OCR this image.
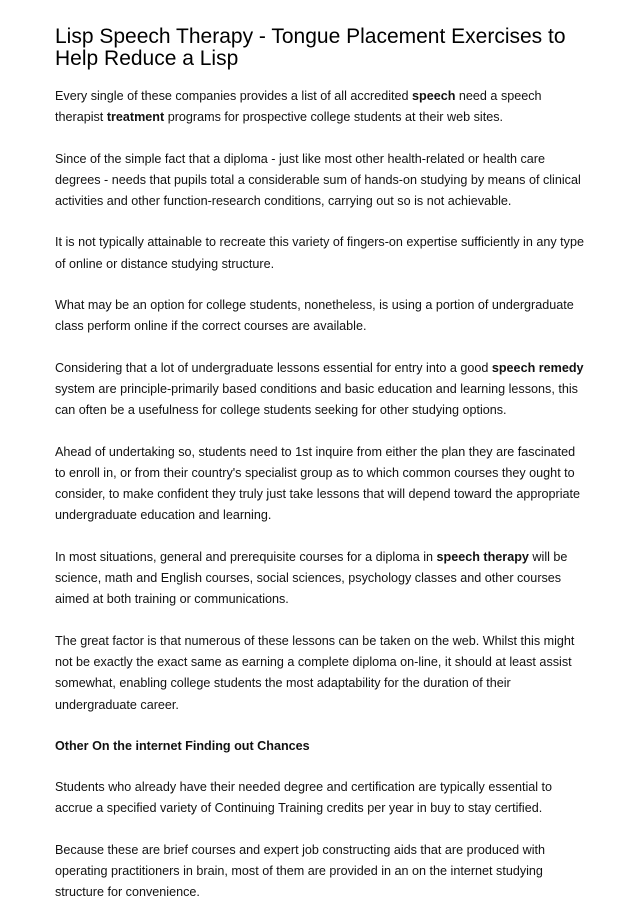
Lisp Speech Therapy - Tongue Placement Exercises to Help Reduce a Lisp

Every single of these companies provides a list of all accredited speech need a speech therapist treatment programs for prospective college students at their web sites.

Since of the simple fact that a diploma - just like most other health-related or health care degrees - needs that pupils total a considerable sum of hands-on studying by means of clinical activities and other function-research conditions, carrying out so is not achievable.

It is not typically attainable to recreate this variety of fingers-on expertise sufficiently in any type of online or distance studying structure.

What may be an option for college students, nonetheless, is using a portion of undergraduate class perform online if the correct courses are available.

Considering that a lot of undergraduate lessons essential for entry into a good speech remedy system are principle-primarily based conditions and basic education and learning lessons, this can often be a usefulness for college students seeking for other studying options.

Ahead of undertaking so, students need to 1st inquire from either the plan they are fascinated to enroll in, or from their country's specialist group as to which common courses they ought to consider, to make confident they truly just take lessons that will depend toward the appropriate undergraduate education and learning.

In most situations, general and prerequisite courses for a diploma in speech therapy will be science, math and English courses, social sciences, psychology classes and other courses aimed at both training or communications.

The great factor is that numerous of these lessons can be taken on the web. Whilst this might not be exactly the exact same as earning a complete diploma on-line, it should at least assist somewhat, enabling college students the most adaptability for the duration of their undergraduate career.

Other On the internet Finding out Chances

Students who already have their needed degree and certification are typically essential to accrue a specified variety of Continuing Training credits per year in buy to stay certified.

Because these are brief courses and expert job constructing aids that are produced with operating practitioners in brain, most of them are provided in an on the internet studying structure for convenience.
